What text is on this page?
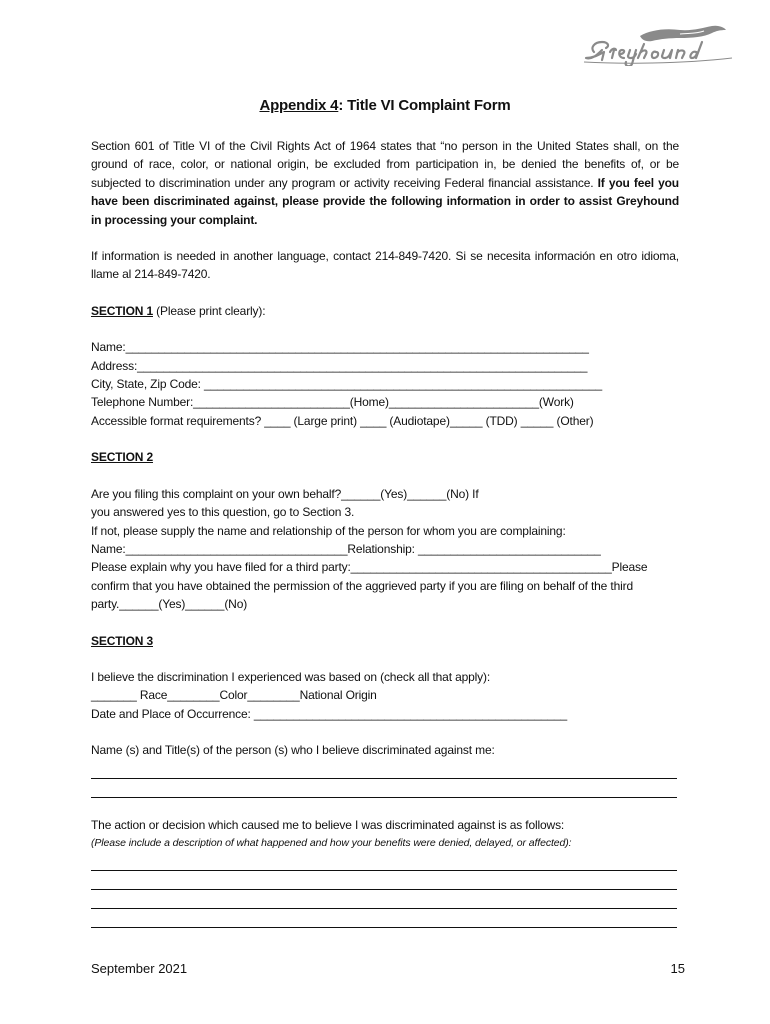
Appendix 4: Title VI Complaint Form

Section 601 of Title VI of the Civil Rights Act of 1964 states that “no person in the United States shall, on the ground of race, color, or national origin, be excluded from participation in, be denied the benefits of, or be subjected to discrimination under any program or activity receiving Federal financial assistance. If you feel you have been discriminated against, please provide the following information in order to assist Greyhound in processing your complaint.

If information is needed in another language, contact 214-849-7420. Si se necesita información en otro idioma, llame al 214-849-7420.

SECTION 1 (Please print clearly):

Name:_______________________________________________________________________

Address:_____________________________________________________________________

City, State, Zip Code: _____________________________________________________________

Telephone Number:________________________(Home)_______________________(Work)

Accessible format requirements? ____ (Large print) ____ (Audiotape)_____ (TDD) _____ (Other)

SECTION 2

Are you filing this complaint on your own behalf?______(Yes)______(No) If

you answered yes to this question, go to Section 3.

If not, please supply the name and relationship of the person for whom you are complaining:

Name:__________________________________Relationship: ____________________________

Please explain why you have filed for a third party:________________________________________Please confirm that you have obtained the permission of the aggrieved party if you are filing on behalf of the third party.______(Yes)______(No)

SECTION 3

I believe the discrimination I experienced was based on (check all that apply):

_______ Race________Color________National Origin

Date and Place of Occurrence: ________________________________________________

Name (s) and Title(s) of the person (s) who I believe discriminated against me:

The action or decision which caused me to believe I was discriminated against is as follows:

(Please include a description of what happened and how your benefits were denied, delayed, or affected):

September 2021	15
